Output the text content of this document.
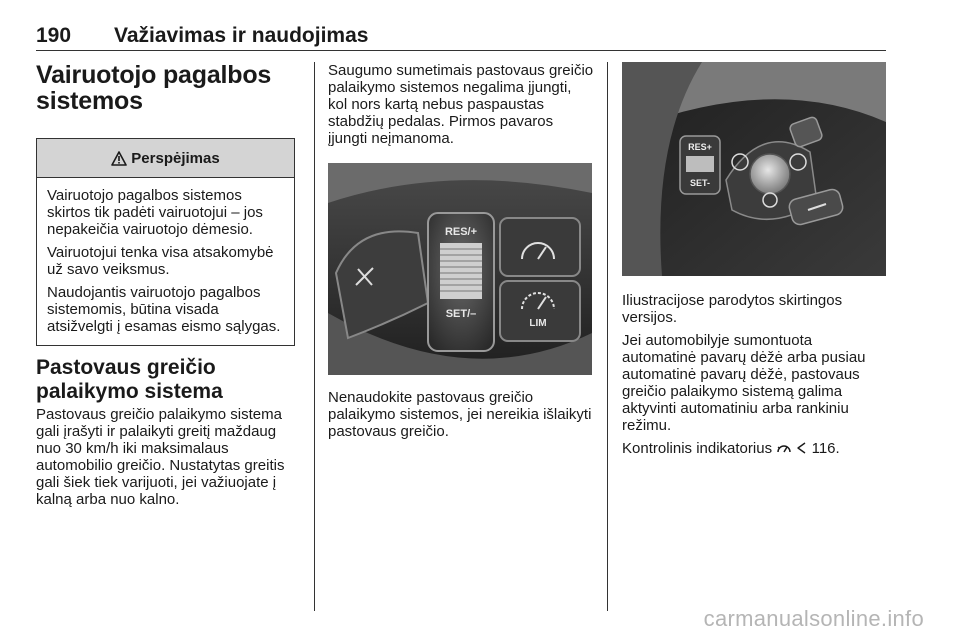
190 Važiavimas ir naudojimas
Vairuotojo pagalbos
sistemos
Perspėjimas

Vairuotojo pagalbos sistemos skirtos tik padėti vairuotojui – jos nepakeičia vairuotojo dėmesio.

Vairuotojui tenka visa atsakomybė už savo veiksmus.

Naudojantis vairuotojo pagalbos sistemomis, būtina visada atsižvelgti į esamas eismo sąlygas.

Pastovaus greičio
palaikymo sistema

Pastovaus greičio palaikymo sistema gali įrašyti ir palaikyti greitį maždaug nuo 30 km/h iki maksimalaus automobilio greičio. Nustatytas greitis gali šiek tiek varijuoti, jei važiuojate į kalną arba nuo kalno.

Saugumo sumetimais pastovaus greičio palaikymo sistemos negalima įjungti, kol nors kartą nebus paspaustas stabdžių pedalas. Pirmos pavaros įjungti neįmanoma.

RES/+
SET/–
LIM

Nenaudokite pastovaus greičio palaikymo sistemos, jei nereikia išlaikyti pastovaus greičio.

RES+
SET-

Iliustracijose parodytos skirtingos versijos.

Jei automobilyje sumontuota automatinė pavarų dėžė arba pusiau automatinė pavarų dėžė, pastovaus greičio palaikymo sistemą galima aktyvinti automatiniu arba rankiniu režimu.

Kontrolinis indikatorius	116.

carmanualsonline.info
